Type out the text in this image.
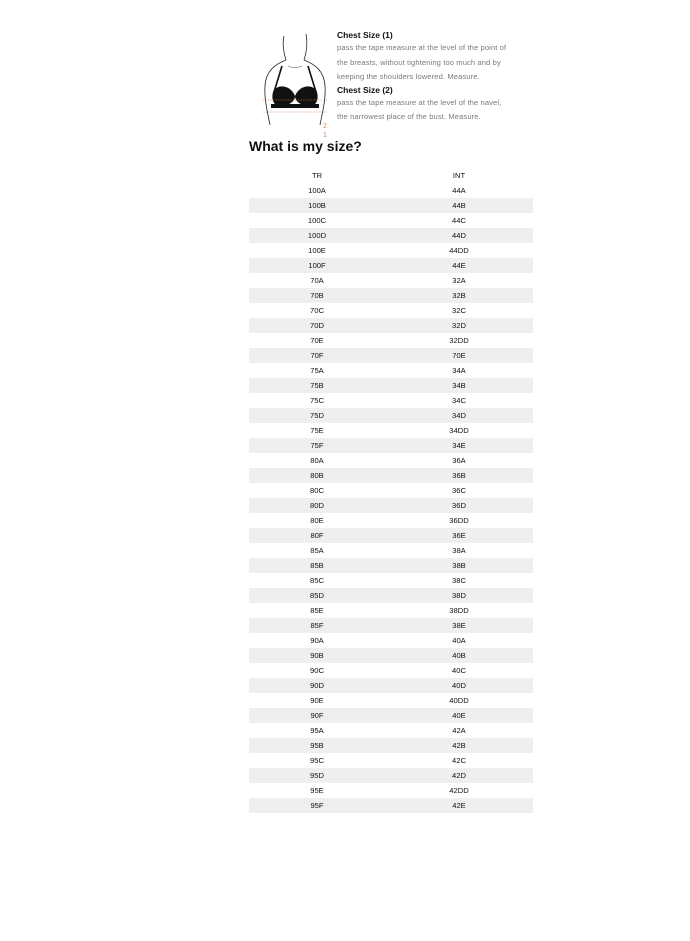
2
1
Chest Size (1)
pass the tape measure at the level of the point of
the breasts, without tightening too much and by
keeping the shoulders lowered. Measure.
Chest Size (2)
pass the tape measure at the level of the navel,
the narrowest place of the bust. Measure.
What is my size?
TR	INT
100A	44A
100B	44B
100C	44C
100D	44D
100E	44DD
100F	44E
70A	32A
70B	32B
70C	32C
70D	32D
70E	32DD
70F	70E
75A	34A
75B	34B
75C	34C
75D	34D
75E	34DD
75F	34E
80A	36A
80B	36B
80C	36C
80D	36D
80E	36DD
80F	36E
85A	38A
85B	38B
85C	38C
85D	38D
85E	38DD
85F	38E
90A	40A
90B	40B
90C	40C
90D	40D
90E	40DD
90F	40E
95A	42A
95B	42B
95C	42C
95D	42D
95E	42DD
95F	42E
